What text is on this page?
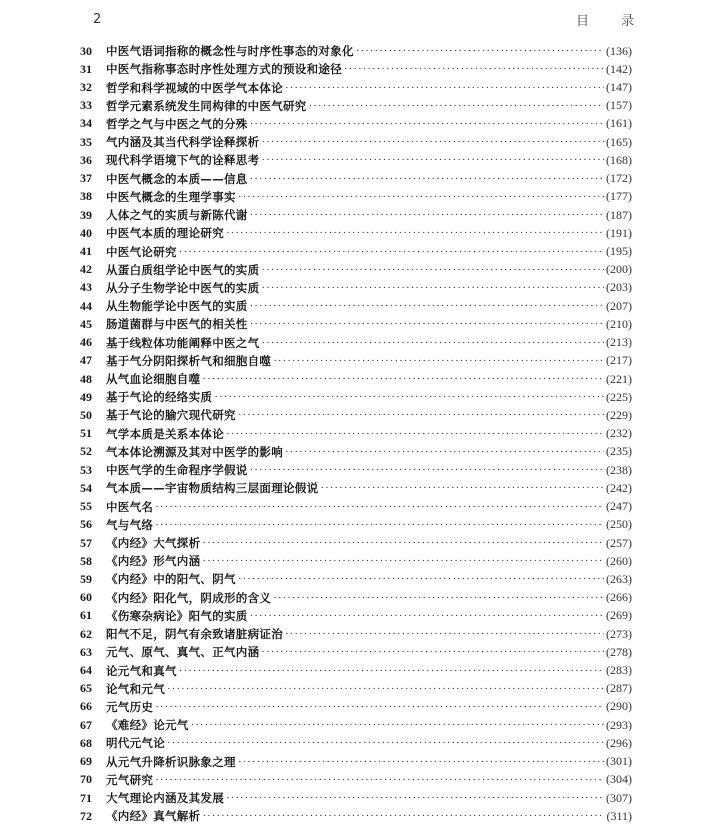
2	目 录
30	中医气语词指称的概念性与时序性事态的对象化 ·····	(136)
31	中医气指称事态时序性处理方式的预设和途径 ·····	(142)
32	哲学和科学视域的中医学气本体论 ·····	(147)
33	哲学元素系统发生同构律的中医气研究 ·····	(157)
34	哲学之气与中医之气的分殊 ·····	(161)
35	气内涵及其当代科学诠释探析 ·····	(165)
36	现代科学语境下气的诠释思考 ·····	(168)
37	中医气概念的本质——信息 ·····	(172)
38	中医气概念的生理学事实 ·····	(177)
39	人体之气的实质与新陈代谢 ·····	(187)
40	中医气本质的理论研究 ·····	(191)
41	中医气论研究 ·····	(195)
42	从蛋白质组学论中医气的实质 ·····	(200)
43	从分子生物学论中医气的实质 ·····	(203)
44	从生物能学论中医气的实质 ·····	(207)
45	肠道菌群与中医气的相关性 ·····	(210)
46	基于线粒体功能阐释中医之气 ·····	(213)
47	基于气分阴阳探析气和细胞自噬 ·····	(217)
48	从气血论细胞自噬 ·····	(221)
49	基于气论的经络实质 ·····	(225)
50	基于气论的腧穴现代研究 ·····	(229)
51	气学本质是关系本体论 ·····	(232)
52	气本体论溯源及其对中医学的影响 ·····	(235)
53	中医气学的生命程序学假说 ·····	(238)
54	气本质——宇宙物质结构三层面理论假说 ·····	(242)
55	中医气名 ·····	(247)
56	气与气络 ·····	(250)
57	《内经》大气探析 ·····	(257)
58	《内经》形气内涵 ·····	(260)
59	《内经》中的阳气、阴气 ·····	(263)
60	《内经》阳化气，阴成形的含义 ·····	(266)
61	《伤寒杂病论》阳气的实质 ·····	(269)
62	阳气不足，阴气有余致诸脏病证治 ·····	(273)
63	元气、原气、真气、正气内涵 ·····	(278)
64	论元气和真气 ·····	(283)
65	论气和元气 ·····	(287)
66	元气历史 ·····	(290)
67	《难经》论元气 ·····	(293)
68	明代元气论 ·····	(296)
69	从元气升降析识脉象之理 ·····	(301)
70	元气研究 ·····	(304)
71	大气理论内涵及其发展 ·····	(307)
72	《内经》真气解析 ·····	(311)
